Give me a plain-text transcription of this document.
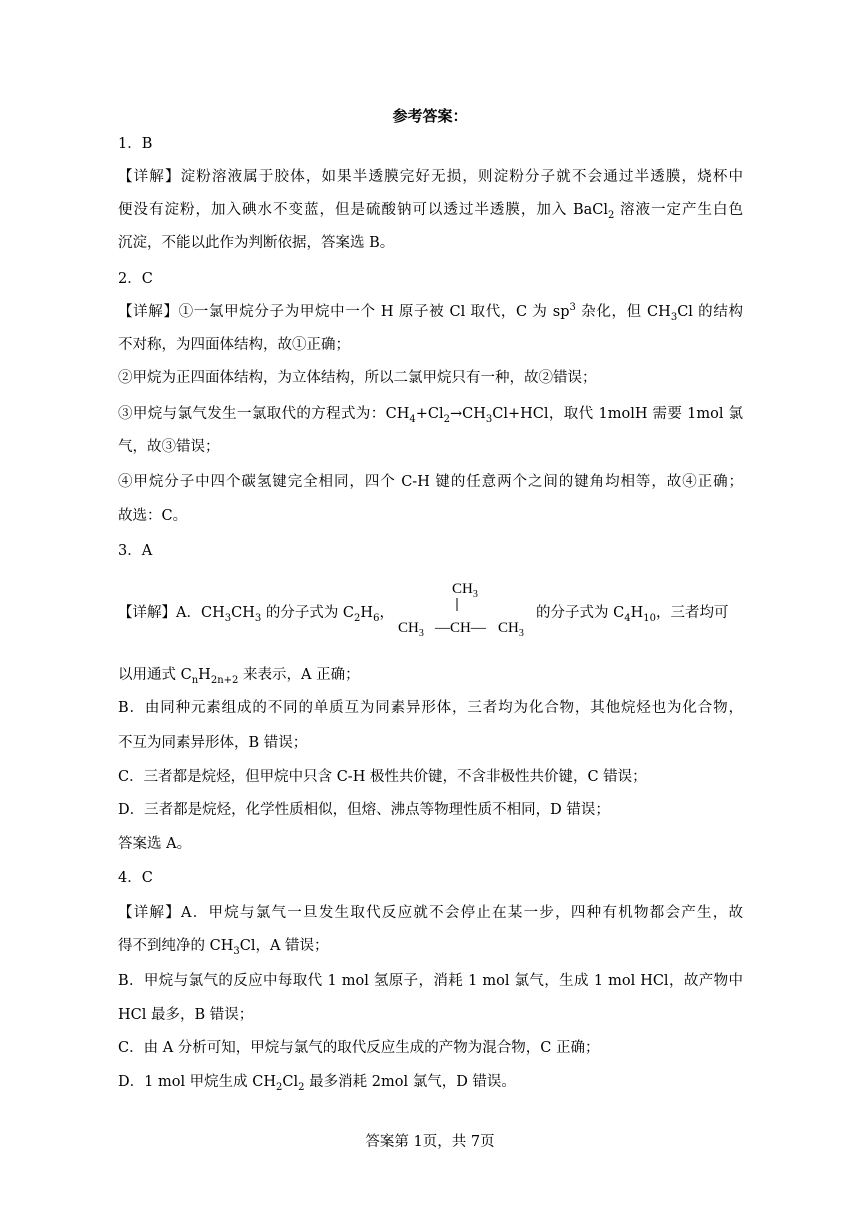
参考答案：
1．B
【详解】淀粉溶液属于胶体，如果半透膜完好无损，则淀粉分子就不会通过半透膜，烧杯中
便没有淀粉，加入碘水不变蓝，但是硫酸钠可以透过半透膜，加入 BaCl$_2$ 溶液一定产生白色
沉淀，不能以此作为判断依据，答案选 B。
2．C
【详解】①一氯甲烷分子为甲烷中一个 H 原子被 Cl 取代，C 为 $sp^3$ 杂化，但 $CH_3Cl$ 的结构
不对称，为四面体结构，故①正确；
②甲烷为正四面体结构，为立体结构，所以二氯甲烷只有一种，故②错误；
③甲烷与氯气发生一氯取代的方程式为：$CH_4+Cl_2\to CH_3Cl+HCl$，取代 1molH 需要 1mol 氯
气，故③错误；
④甲烷分子中四个碳氢键完全相同，四个 C-H 键的任意两个之间的键角均相等，故④正确；
故选：C。
3．A
【详解】A．$CH_3CH_3$ 的分子式为 $C_2H_6$，
$CH_3$
$CH_3$ —CH— $CH_3$
的分子式为 $C_4H_{10}$，三者均可
以用通式 $C_nH_{2n+2}$ 来表示，A 正确；
B．由同种元素组成的不同的单质互为同素异形体，三者均为化合物，其他烷烃也为化合物，
不互为同素异形体，B 错误；
C．三者都是烷烃，但甲烷中只含 C-H 极性共价键，不含非极性共价键，C 错误；
D．三者都是烷烃，化学性质相似，但熔、沸点等物理性质不相同，D 错误；
答案选 A。
4．C
【详解】A．甲烷与氯气一旦发生取代反应就不会停止在某一步，四种有机物都会产生，故
得不到纯净的 $CH_3Cl$，A 错误；
B．甲烷与氯气的反应中每取代 1 mol 氢原子，消耗 1 mol 氯气，生成 1 mol HCl，故产物中
HCl 最多，B 错误；
C．由 A 分析可知，甲烷与氯气的取代反应生成的产物为混合物，C 正确；
D．1 mol 甲烷生成 $CH_2Cl_2$ 最多消耗 2mol 氯气，D 错误。
答案第 1页，共 7页
